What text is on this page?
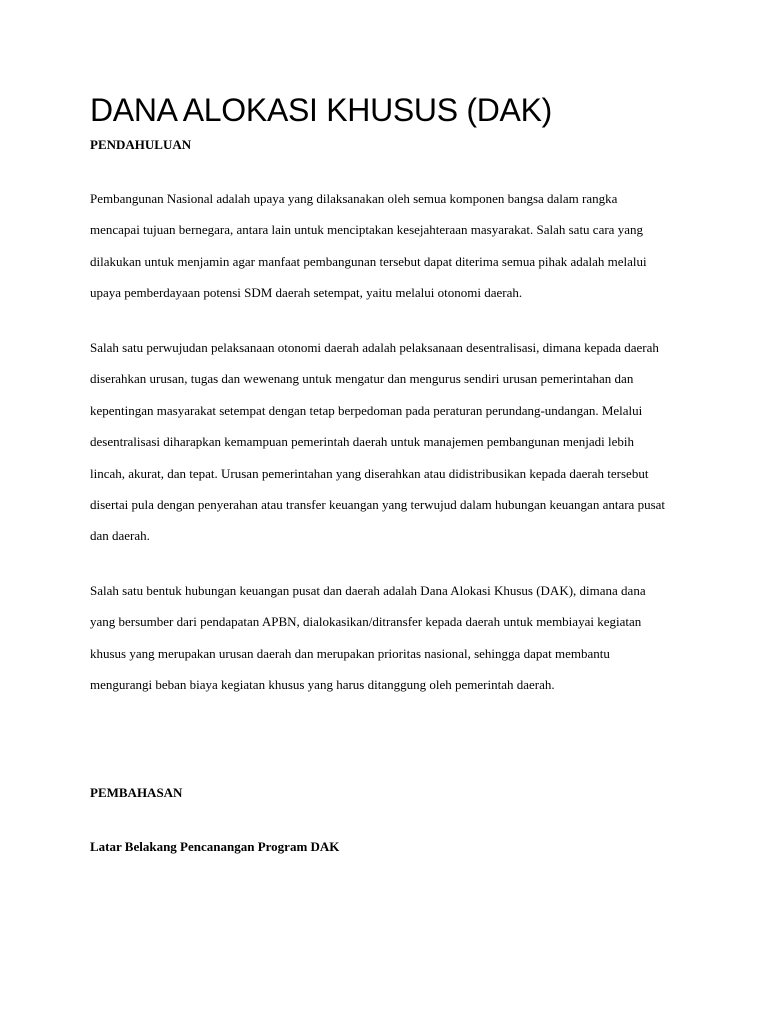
DANA ALOKASI KHUSUS (DAK)
PENDAHULUAN
Pembangunan Nasional adalah upaya yang dilaksanakan oleh semua komponen bangsa dalam rangka
mencapai tujuan bernegara, antara lain untuk menciptakan kesejahteraan masyarakat. Salah satu cara yang
dilakukan untuk menjamin agar manfaat pembangunan tersebut dapat diterima semua pihak adalah melalui
upaya pemberdayaan potensi SDM daerah setempat, yaitu melalui otonomi daerah.
Salah satu perwujudan pelaksanaan otonomi daerah adalah pelaksanaan desentralisasi, dimana kepada daerah
diserahkan urusan, tugas dan wewenang untuk mengatur dan mengurus sendiri urusan pemerintahan dan
kepentingan masyarakat setempat dengan tetap berpedoman pada peraturan perundang-undangan. Melalui
desentralisasi diharapkan kemampuan pemerintah daerah untuk manajemen pembangunan menjadi lebih
lincah, akurat, dan tepat. Urusan pemerintahan yang diserahkan atau didistribusikan kepada daerah tersebut
disertai pula dengan penyerahan atau transfer keuangan yang terwujud dalam hubungan keuangan antara pusat
dan daerah.
Salah satu bentuk hubungan keuangan pusat dan daerah adalah Dana Alokasi Khusus (DAK), dimana dana
yang bersumber dari pendapatan APBN, dialokasikan/ditransfer kepada daerah untuk membiayai kegiatan
khusus yang merupakan urusan daerah dan merupakan prioritas nasional, sehingga dapat membantu
mengurangi beban biaya kegiatan khusus yang harus ditanggung oleh pemerintah daerah.
PEMBAHASAN
Latar Belakang Pencanangan Program DAK
